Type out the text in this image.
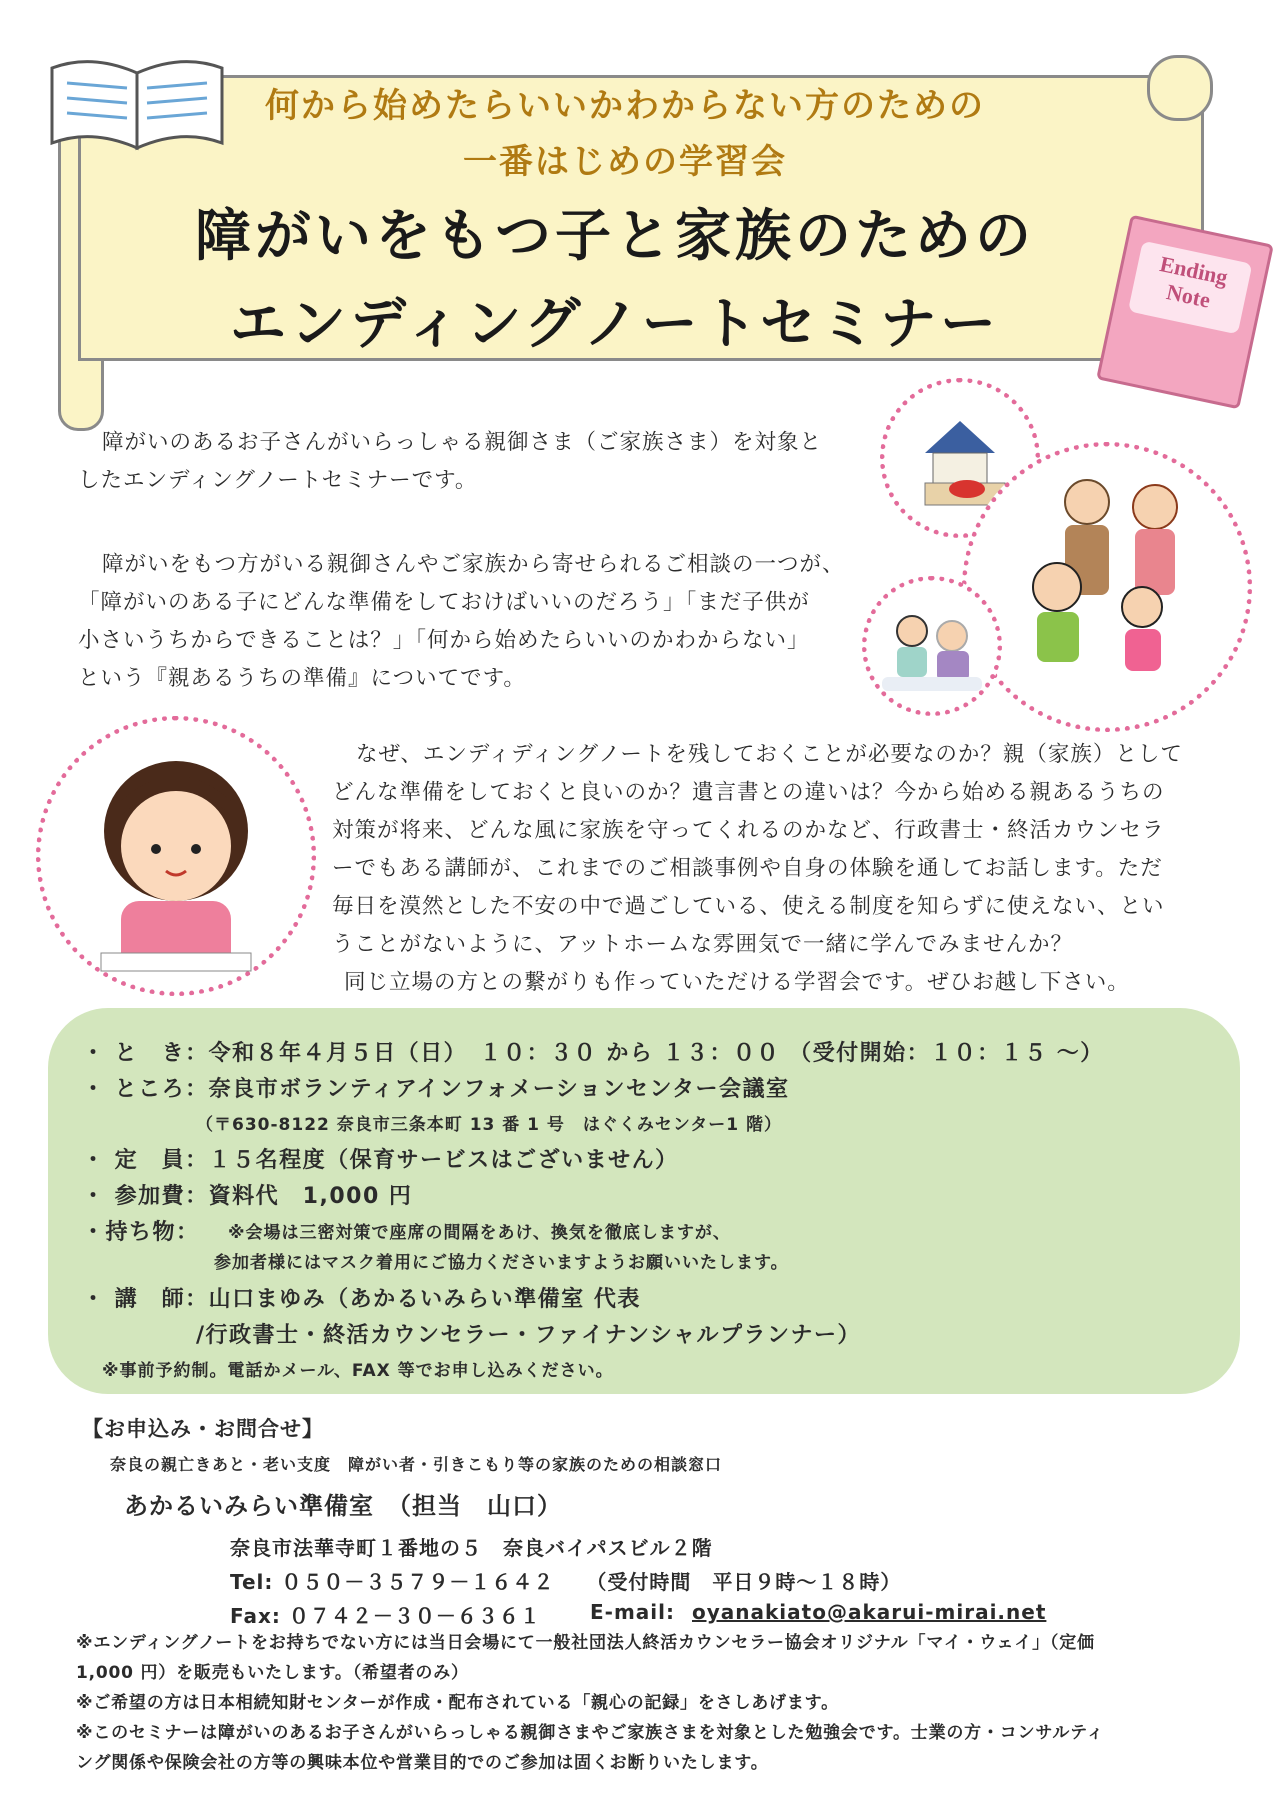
何から始めたらいいかわからない方のための
一番はじめの学習会
障がいをもつ子と家族のための
エンディングノートセミナー
Ending Note
障がいのあるお子さんがいらっしゃる親御さま（ご家族さま）を対象と
したエンディングノートセミナーです。
障がいをもつ方がいる親御さんやご家族から寄せられるご相談の一つが、
「障がいのある子にどんな準備をしておけばいいのだろう」「まだ子供が
小さいうちからできることは？」「何から始めたらいいのかわからない」
という『親あるうちの準備』についてです。
なぜ、エンディディングノートを残しておくことが必要なのか？親（家族）として
どんな準備をしておくと良いのか？遺言書との違いは？今から始める親あるうちの
対策が将来、どんな風に家族を守ってくれるのかなど、行政書士・終活カウンセラ
ーでもある講師が、これまでのご相談事例や自身の体験を通してお話します。ただ
毎日を漠然とした不安の中で過ごしている、使える制度を知らずに使えない、とい
うことがないように、アットホームな雰囲気で一緒に学んでみませんか？
同じ立場の方との繋がりも作っていただける学習会です。ぜひお越し下さい。
・ と　き：令和８年４月５日（日）　１０：３０ から １３：００ （受付開始：１０：１５ ～）
・ ところ：奈良市ボランティアインフォメーションセンター会議室
（〒630-8122 奈良市三条本町 13 番 1 号　はぐくみセンター1 階）
・ 定　員：１５名程度（保育サービスはございません）
・ 参加費：資料代　1,000 円
・持ち物： ※会場は三密対策で座席の間隔をあけ、換気を徹底しますが、
参加者様にはマスク着用にご協力くださいますようお願いいたします。
・ 講　師：山口まゆみ（あかるいみらい準備室 代表
/行政書士・終活カウンセラー・ファイナンシャルプランナー）
※事前予約制。電話かメール、FAX 等でお申し込みください。
【お申込み・お問合せ】
奈良の親亡きあと・老い支度　障がい者・引きこもり等の家族のための相談窓口
あかるいみらい準備室　（担当　山口）
奈良市法華寺町１番地の５　奈良バイパスビル２階
Tel: ０５０－３５７９－１６４２　　（受付時間　平日９時～１８時）
Fax: ０７４２－３０－６３６１ E-mail: oyanakiato@akarui-mirai.net
※エンディングノートをお持ちでない方には当日会場にて一般社団法人終活カウンセラー協会オリジナル「マイ・ウェイ」（定価
1,000 円）を販売もいたします。（希望者のみ）
※ご希望の方は日本相続知財センターが作成・配布されている「親心の記録」をさしあげます。
※このセミナーは障がいのあるお子さんがいらっしゃる親御さまやご家族さまを対象とした勉強会です。士業の方・コンサルティ
ング関係や保険会社の方等の興味本位や営業目的でのご参加は固くお断りいたします。
